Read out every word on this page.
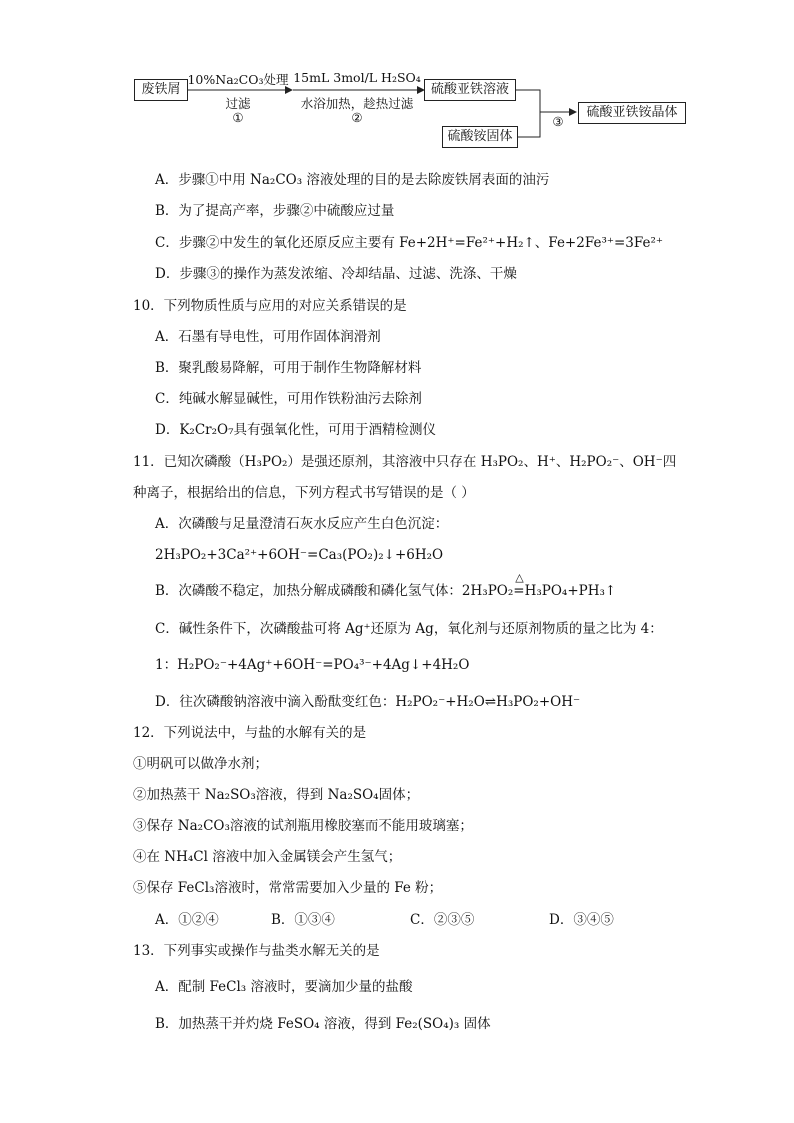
废铁屑
10%Na₂CO₃处理
过滤
①
15mL 3mol/L H₂SO₄
水浴加热，趁热过滤
②
硫酸亚铁溶液
硫酸铵固体
③
硫酸亚铁铵晶体
A．步骤①中用 Na₂CO₃ 溶液处理的目的是去除废铁屑表面的油污
B．为了提高产率，步骤②中硫酸应过量
C．步骤②中发生的氧化还原反应主要有 Fe+2H⁺=Fe²⁺+H₂↑、Fe+2Fe³⁺=3Fe²⁺
D．步骤③的操作为蒸发浓缩、冷却结晶、过滤、洗涤、干燥
10．下列物质性质与应用的对应关系错误的是
A．石墨有导电性，可用作固体润滑剂
B．聚乳酸易降解，可用于制作生物降解材料
C．纯碱水解显碱性，可用作铁粉油污去除剂
D．K₂Cr₂O₇具有强氧化性，可用于酒精检测仪
11．已知次磷酸（H₃PO₂）是强还原剂，其溶液中只存在 H₃PO₂、H⁺、H₂PO₂⁻、OH⁻四
种离子，根据给出的信息，下列方程式书写错误的是（ ）
A．次磷酸与足量澄清石灰水反应产生白色沉淀：
2H₃PO₂+3Ca²⁺+6OH⁻=Ca₃(PO₂)₂↓+6H₂O
B．次磷酸不稳定，加热分解成磷酸和磷化氢气体：2H₃PO₂
△
=H₃PO₄+PH₃↑
C．碱性条件下，次磷酸盐可将 Ag⁺还原为 Ag，氧化剂与还原剂物质的量之比为 4：
1：H₂PO₂⁻+4Ag⁺+6OH⁻=PO₄³⁻+4Ag↓+4H₂O
D．往次磷酸钠溶液中滴入酚酞变红色：H₂PO₂⁻+H₂O⇌H₃PO₂+OH⁻
12．下列说法中，与盐的水解有关的是
①明矾可以做净水剂；
②加热蒸干 Na₂SO₃溶液，得到 Na₂SO₄固体；
③保存 Na₂CO₃溶液的试剂瓶用橡胶塞而不能用玻璃塞；
④在 NH₄Cl 溶液中加入金属镁会产生氢气；
⑤保存 FeCl₃溶液时，常常需要加入少量的 Fe 粉；
A．①②④	B．①③④	C．②③⑤	D．③④⑤
13．下列事实或操作与盐类水解无关的是
A．配制 FeCl₃ 溶液时，要滴加少量的盐酸
B．加热蒸干并灼烧 FeSO₄ 溶液，得到 Fe₂(SO₄)₃ 固体
